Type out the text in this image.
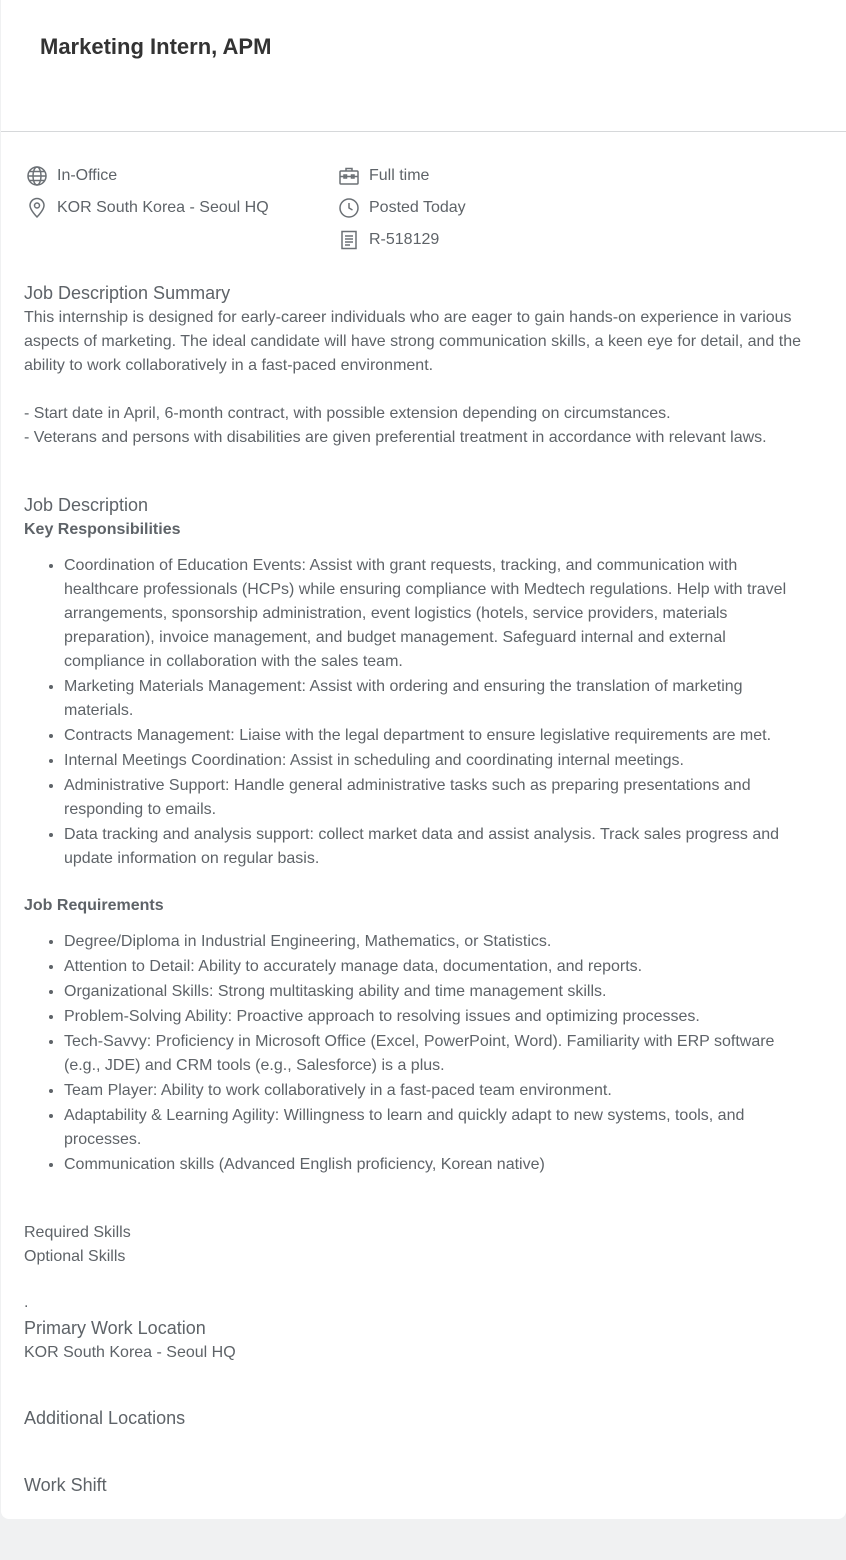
Marketing Intern, APM
In-Office
KOR South Korea - Seoul HQ
Full time
Posted Today
R-518129
Job Description Summary

This internship is designed for early-career individuals who are eager to gain hands-on experience in various aspects of marketing. The ideal candidate will have strong communication skills, a keen eye for detail, and the ability to work collaboratively in a fast-paced environment.

- Start date in April, 6-month contract, with possible extension depending on circumstances.

- Veterans and persons with disabilities are given preferential treatment in accordance with relevant laws.

Job Description

Key Responsibilities

• Coordination of Education Events: Assist with grant requests, tracking, and communication with healthcare professionals (HCPs) while ensuring compliance with Medtech regulations. Help with travel arrangements, sponsorship administration, event logistics (hotels, service providers, materials preparation), invoice management, and budget management. Safeguard internal and external compliance in collaboration with the sales team.
• Marketing Materials Management: Assist with ordering and ensuring the translation of marketing materials.
• Contracts Management: Liaise with the legal department to ensure legislative requirements are met.
• Internal Meetings Coordination: Assist in scheduling and coordinating internal meetings.
• Administrative Support: Handle general administrative tasks such as preparing presentations and responding to emails.
• Data tracking and analysis support: collect market data and assist analysis. Track sales progress and update information on regular basis.

Job Requirements

• Degree/Diploma in Industrial Engineering, Mathematics, or Statistics.
• Attention to Detail: Ability to accurately manage data, documentation, and reports.
• Organizational Skills: Strong multitasking ability and time management skills.
• Problem-Solving Ability: Proactive approach to resolving issues and optimizing processes.
• Tech-Savvy: Proficiency in Microsoft Office (Excel, PowerPoint, Word). Familiarity with ERP software (e.g., JDE) and CRM tools (e.g., Salesforce) is a plus.
• Team Player: Ability to work collaboratively in a fast-paced team environment.
• Adaptability & Learning Agility: Willingness to learn and quickly adapt to new systems, tools, and processes.
• Communication skills (Advanced English proficiency, Korean native)

Required Skills

Optional Skills

.

Primary Work Location

KOR South Korea - Seoul HQ

Additional Locations
Work Shift
